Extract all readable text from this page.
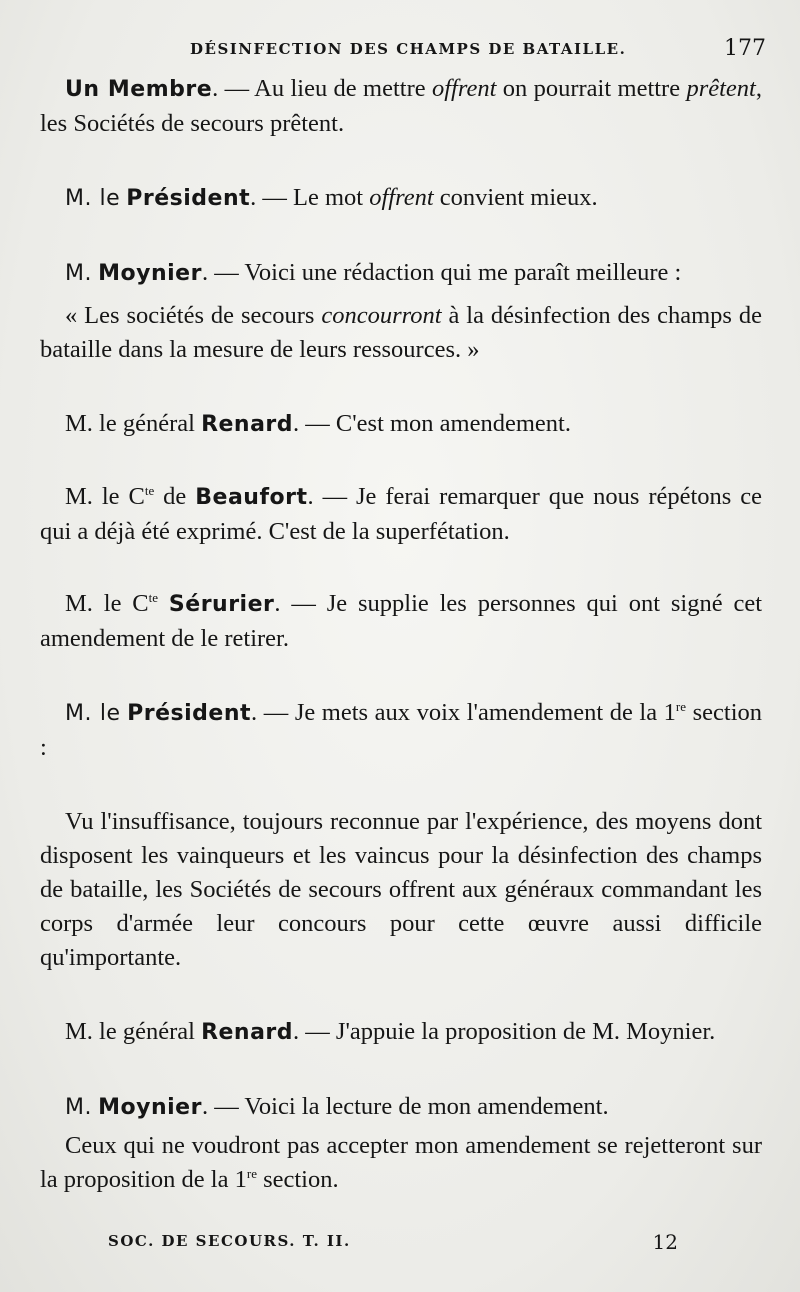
DÉSINFECTION DES CHAMPS DE BATAILLE.	177

Un Membre. — Au lieu de mettre offrent on pourrait mettre prêtent, les Sociétés de secours prêtent.

M. le Président. — Le mot offrent convient mieux.

M. Moynier. — Voici une rédaction qui me paraît meilleure :

« Les sociétés de secours concourront à la désinfection des champs de bataille dans la mesure de leurs ressources. »

M. le général Renard. — C'est mon amendement.

M. le $C^{te}$ de Beaufort. — Je ferai remarquer que nous répétons ce qui a déjà été exprimé. C'est de la superfétation.

M. le $C^{te}$ Sérurier. — Je supplie les personnes qui ont signé cet amendement de le retirer.

M. le Président. — Je mets aux voix l'amendement de la 1re section :

Vu l'insuffisance, toujours reconnue par l'expérience, des moyens dont disposent les vainqueurs et les vaincus pour la désinfection des champs de bataille, les Sociétés de secours offrent aux généraux commandant les corps d'armée leur concours pour cette œuvre aussi difficile qu'importante.

M. le général Renard. — J'appuie la proposition de M. Moynier.

M. Moynier. — Voici la lecture de mon amendement.

Ceux qui ne voudront pas accepter mon amendement se rejetteront sur la proposition de la 1re section.

SOC. DE SECOURS. T. II.	12
